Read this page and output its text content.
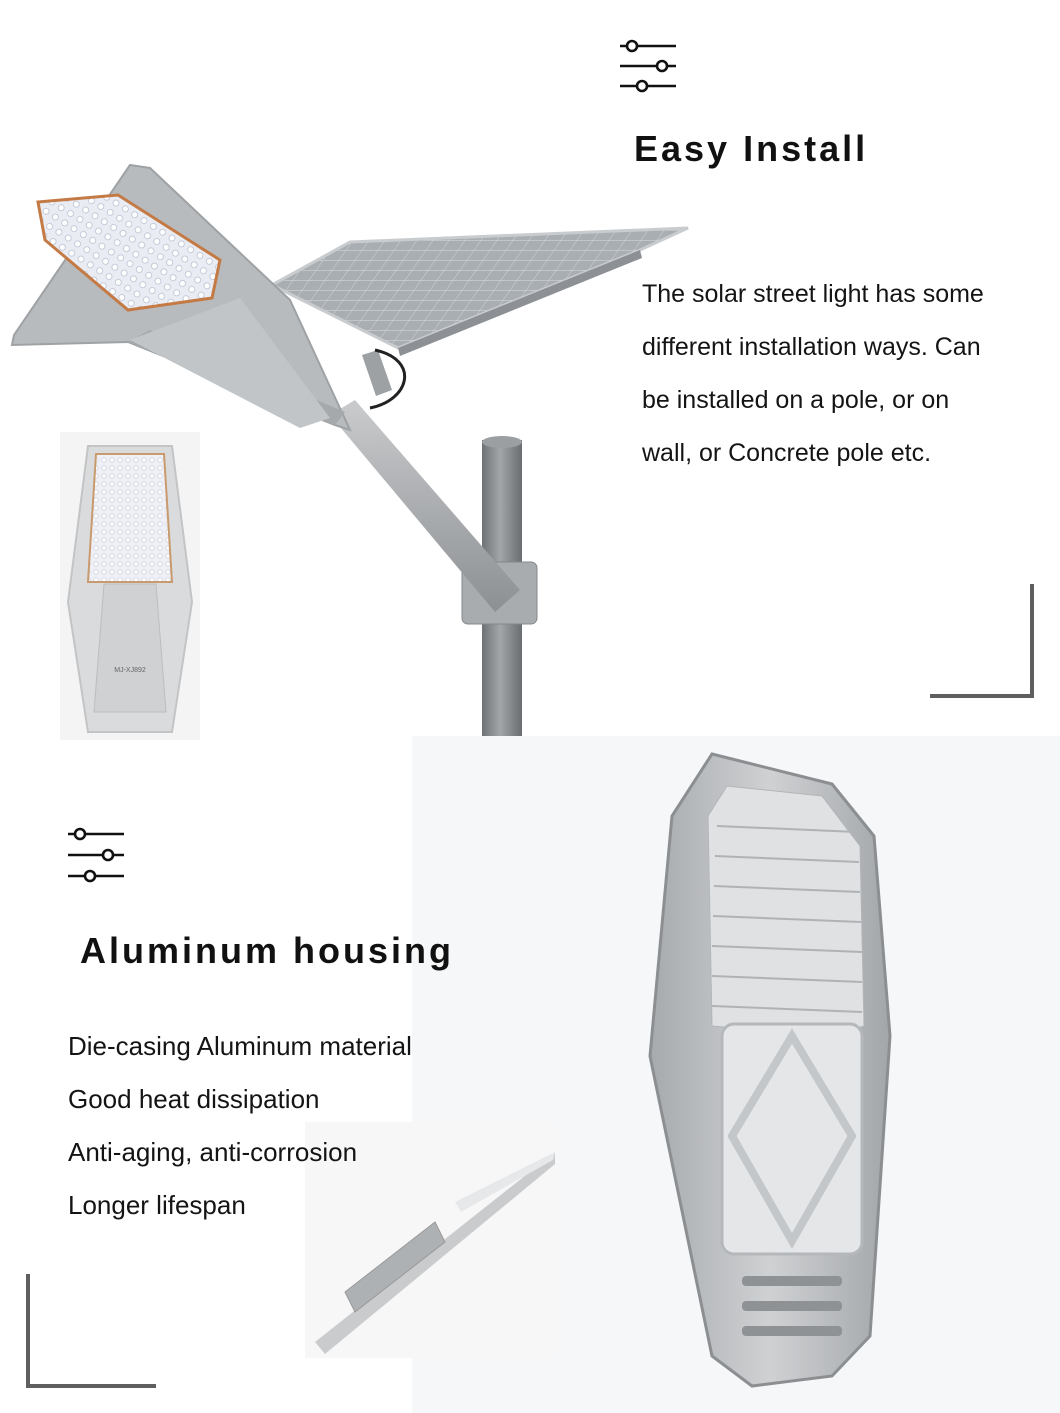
MJ-XJ892
Easy Install
The solar street light has some different installation ways. Can be installed on a pole, or on wall, or Concrete pole etc.
Aluminum housing
Die-casing Aluminum material
Good heat dissipation
Anti-aging, anti-corrosion
Longer lifespan
